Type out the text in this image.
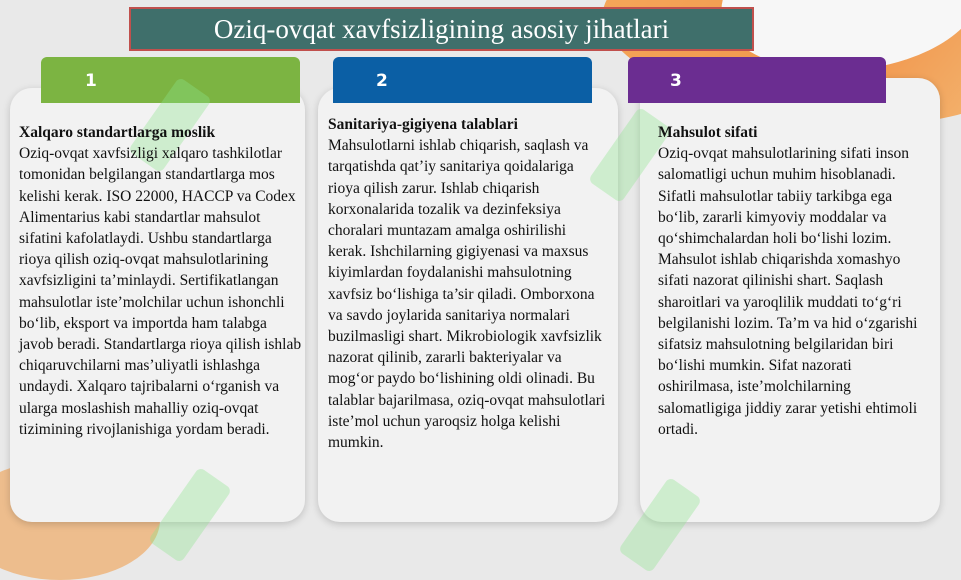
Oziq-ovqat xavfsizligining asosiy jihatlari
1	2	3
Xalqaro standartlarga moslik
Oziq-ovqat xavfsizligi xalqaro tashkilotlar tomonidan belgilangan standartlarga mos kelishi kerak. ISO 22000, HACCP va Codex Alimentarius kabi standartlar mahsulot sifatini kafolatlaydi. Ushbu standartlarga rioya qilish oziq-ovqat mahsulotlarining xavfsizligini ta’minlaydi. Sertifikatlangan mahsulotlar iste’molchilar uchun ishonchli bo‘lib, eksport va importda ham talabga javob beradi. Standartlarga rioya qilish ishlab chiqaruvchilarni mas’uliyatli ishlashga undaydi. Xalqaro tajribalarni o‘rganish va ularga moslashish mahalliy oziq-ovqat tizimining rivojlanishiga yordam beradi.
Sanitariya-gigiyena talablari
Mahsulotlarni ishlab chiqarish, saqlash va tarqatishda qat’iy sanitariya qoidalariga rioya qilish zarur. Ishlab chiqarish korxonalarida tozalik va dezinfeksiya choralari muntazam amalga oshirilishi kerak. Ishchilarning gigiyenasi va maxsus kiyimlardan foydalanishi mahsulotning xavfsiz bo‘lishiga ta’sir qiladi. Omborxona va savdo joylarida sanitariya normalari buzilmasligi shart. Mikrobiologik xavfsizlik nazorat qilinib, zararli bakteriyalar va mog‘or paydo bo‘lishining oldi olinadi. Bu talablar bajarilmasa, oziq-ovqat mahsulotlari iste’mol uchun yaroqsiz holga kelishi mumkin.
Mahsulot sifati
Oziq-ovqat mahsulotlarining sifati inson salomatligi uchun muhim hisoblanadi. Sifatli mahsulotlar tabiiy tarkibga ega bo‘lib, zararli kimyoviy moddalar va qo‘shimchalardan holi bo‘lishi lozim. Mahsulot ishlab chiqarishda xomashyo sifati nazorat qilinishi shart. Saqlash sharoitlari va yaroqlilik muddati to‘g‘ri belgilanishi lozim. Ta’m va hid o‘zgarishi sifatsiz mahsulotning belgilaridan biri bo‘lishi mumkin. Sifat nazorati oshirilmasa, iste’molchilarning salomatligiga jiddiy zarar yetishi ehtimoli ortadi.
